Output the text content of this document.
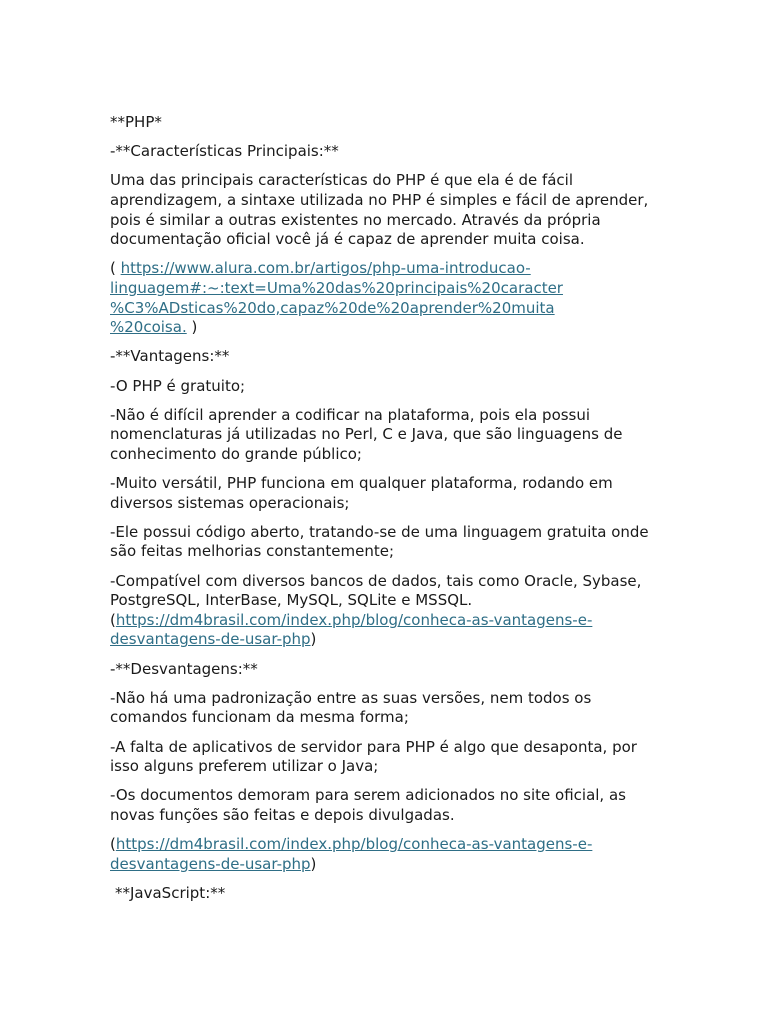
**PHP*

-**Características Principais:**

Uma das principais características do PHP é que ela é de fácil aprendizagem, a sintaxe utilizada no PHP é simples e fácil de aprender, pois é similar a outras existentes no mercado. Através da própria documentação oficial você já é capaz de aprender muita coisa.

( https://www.alura.com.br/artigos/php-uma-introducao-
linguagem#:~:text=Uma%20das%20principais%20caracter
%C3%ADsticas%20do,capaz%20de%20aprender%20muita
%20coisa. )

-**Vantagens:**

-O PHP é gratuito;

-Não é difícil aprender a codificar na plataforma, pois ela possui nomenclaturas já utilizadas no Perl, C e Java, que são linguagens de conhecimento do grande público;

-Muito versátil, PHP funciona em qualquer plataforma, rodando em diversos sistemas operacionais;

-Ele possui código aberto, tratando-se de uma linguagem gratuita onde são feitas melhorias constantemente;

-Compatível com diversos bancos de dados, tais como Oracle, Sybase, PostgreSQL, InterBase, MySQL, SQLite e MSSQL.
(https://dm4brasil.com/index.php/blog/conheca-as-vantagens-e-
desvantagens-de-usar-php)

-**Desvantagens:**

-Não há uma padronização entre as suas versões, nem todos os comandos funcionam da mesma forma;

-A falta de aplicativos de servidor para PHP é algo que desaponta, por isso alguns preferem utilizar o Java;

-Os documentos demoram para serem adicionados no site oficial, as novas funções são feitas e depois divulgadas.

(https://dm4brasil.com/index.php/blog/conheca-as-vantagens-e-
desvantagens-de-usar-php)

**JavaScript:**
